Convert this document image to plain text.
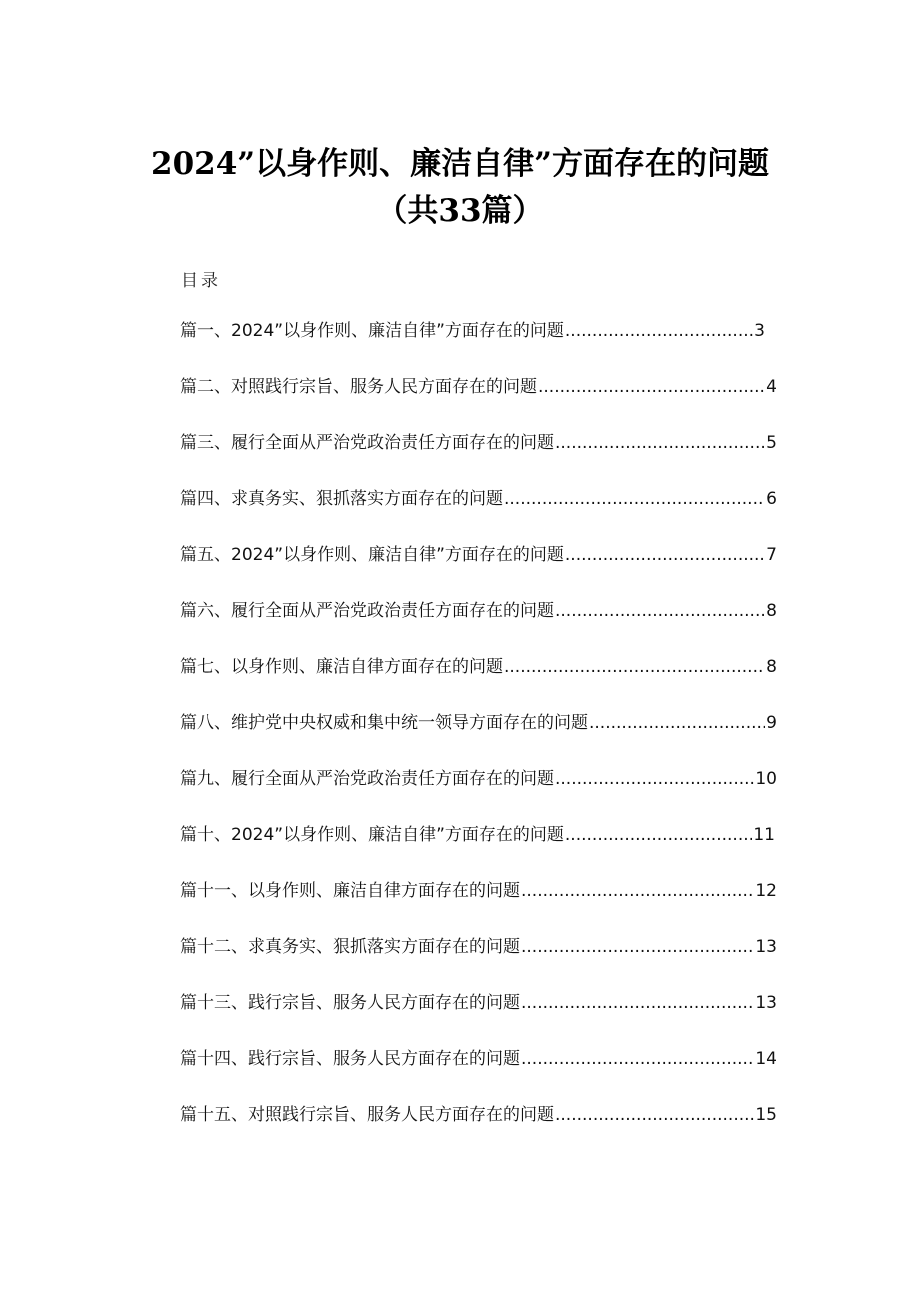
2024”以身作则、廉洁自律”方面存在的问题
（共33篇）
目录
篇一、2024”以身作则、廉洁自律”方面存在的问题 .....	3
篇二、对照践行宗旨、服务人民方面存在的问题 .....	4
篇三、履行全面从严治党政治责任方面存在的问题 .....	5
篇四、求真务实、狠抓落实方面存在的问题 .....	6
篇五、2024”以身作则、廉洁自律”方面存在的问题 .....	7
篇六、履行全面从严治党政治责任方面存在的问题 .....	8
篇七、以身作则、廉洁自律方面存在的问题 .....	8
篇八、维护党中央权威和集中统一领导方面存在的问题 .....	9
篇九、履行全面从严治党政治责任方面存在的问题 .....	10
篇十、2024”以身作则、廉洁自律”方面存在的问题 .....	11
篇十一、以身作则、廉洁自律方面存在的问题 .....	12
篇十二、求真务实、狠抓落实方面存在的问题 .....	13
篇十三、践行宗旨、服务人民方面存在的问题 .....	13
篇十四、践行宗旨、服务人民方面存在的问题 .....	14
篇十五、对照践行宗旨、服务人民方面存在的问题 .....	15
